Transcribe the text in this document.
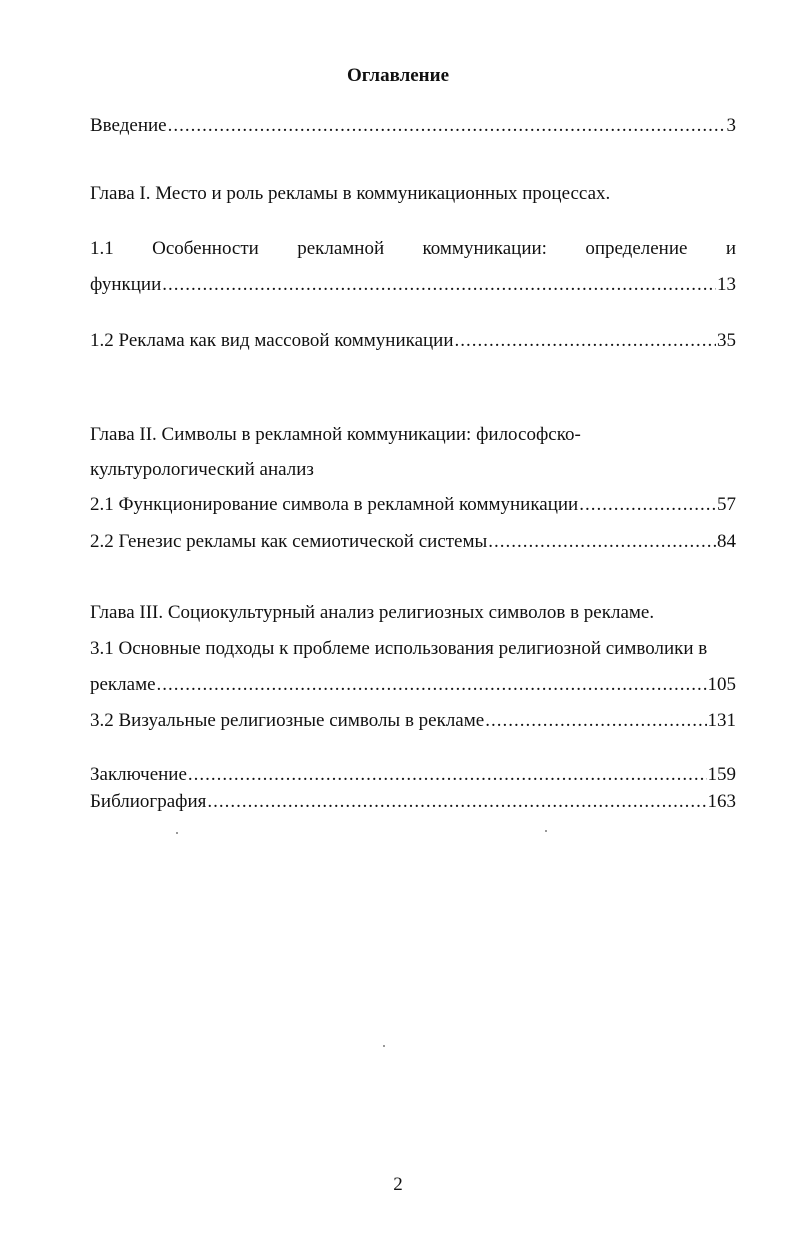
Оглавление
Введение .....	3
Глава I. Место и роль рекламы в коммуникационных процессах.
1.1 Особенности рекламной коммуникации: определение и
функции .....	13
1.2 Реклама как вид массовой коммуникации .....	35
Глава II. Символы в рекламной коммуникации: философско-
культурологический анализ
2.1 Функционирование символа в рекламной коммуникации .....	57
2.2 Генезис рекламы как семиотической системы .....	84
Глава III. Социокультурный анализ религиозных символов в рекламе.
3.1 Основные подходы к проблеме использования религиозной символики в
рекламе .....	105
3.2 Визуальные религиозные символы в рекламе .....	131
Заключение .....	159
Библиография .....	163
2
